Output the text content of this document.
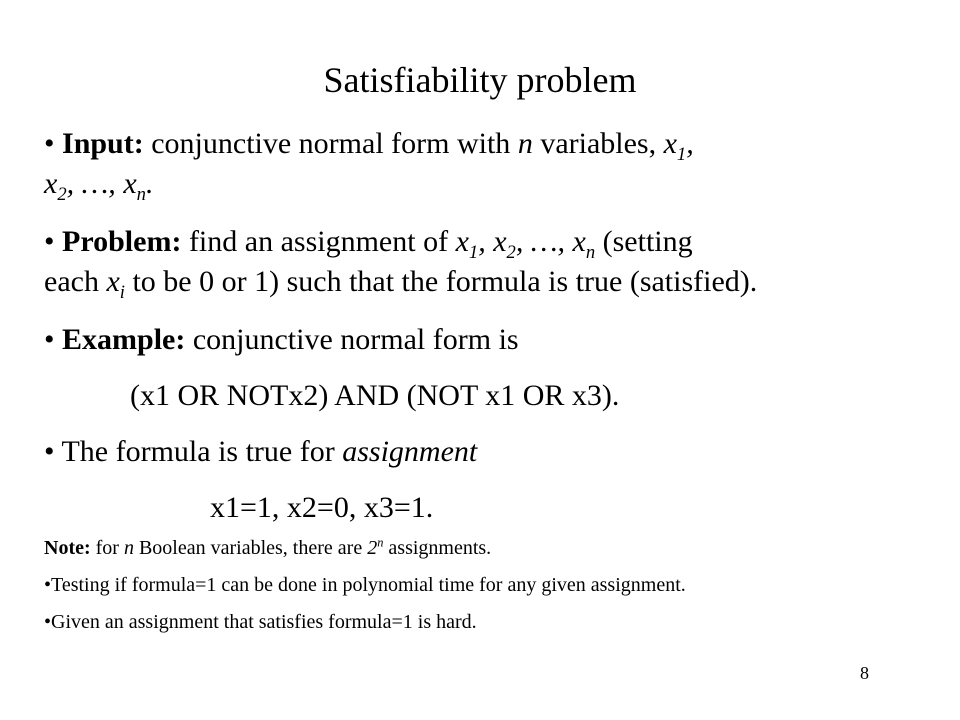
Satisfiability problem
• Input: conjunctive normal form with n variables, $x_1$,
$x_2$, …, $x_n$.
• Problem: find an assignment of $x_1$, $x_2$, …, $x_n$ (setting
each $x_i$ to be 0 or 1) such that the formula is true (satisfied).
• Example: conjunctive normal form is
(x1 OR NOTx2) AND (NOT x1 OR x3).
• The formula is true for assignment
x1=1, x2=0, x3=1.
Note: for n Boolean variables, there are 2$^n$ assignments.
•Testing if formula=1 can be done in polynomial time for any given assignment.
•Given an assignment that satisfies formula=1 is hard.
8
